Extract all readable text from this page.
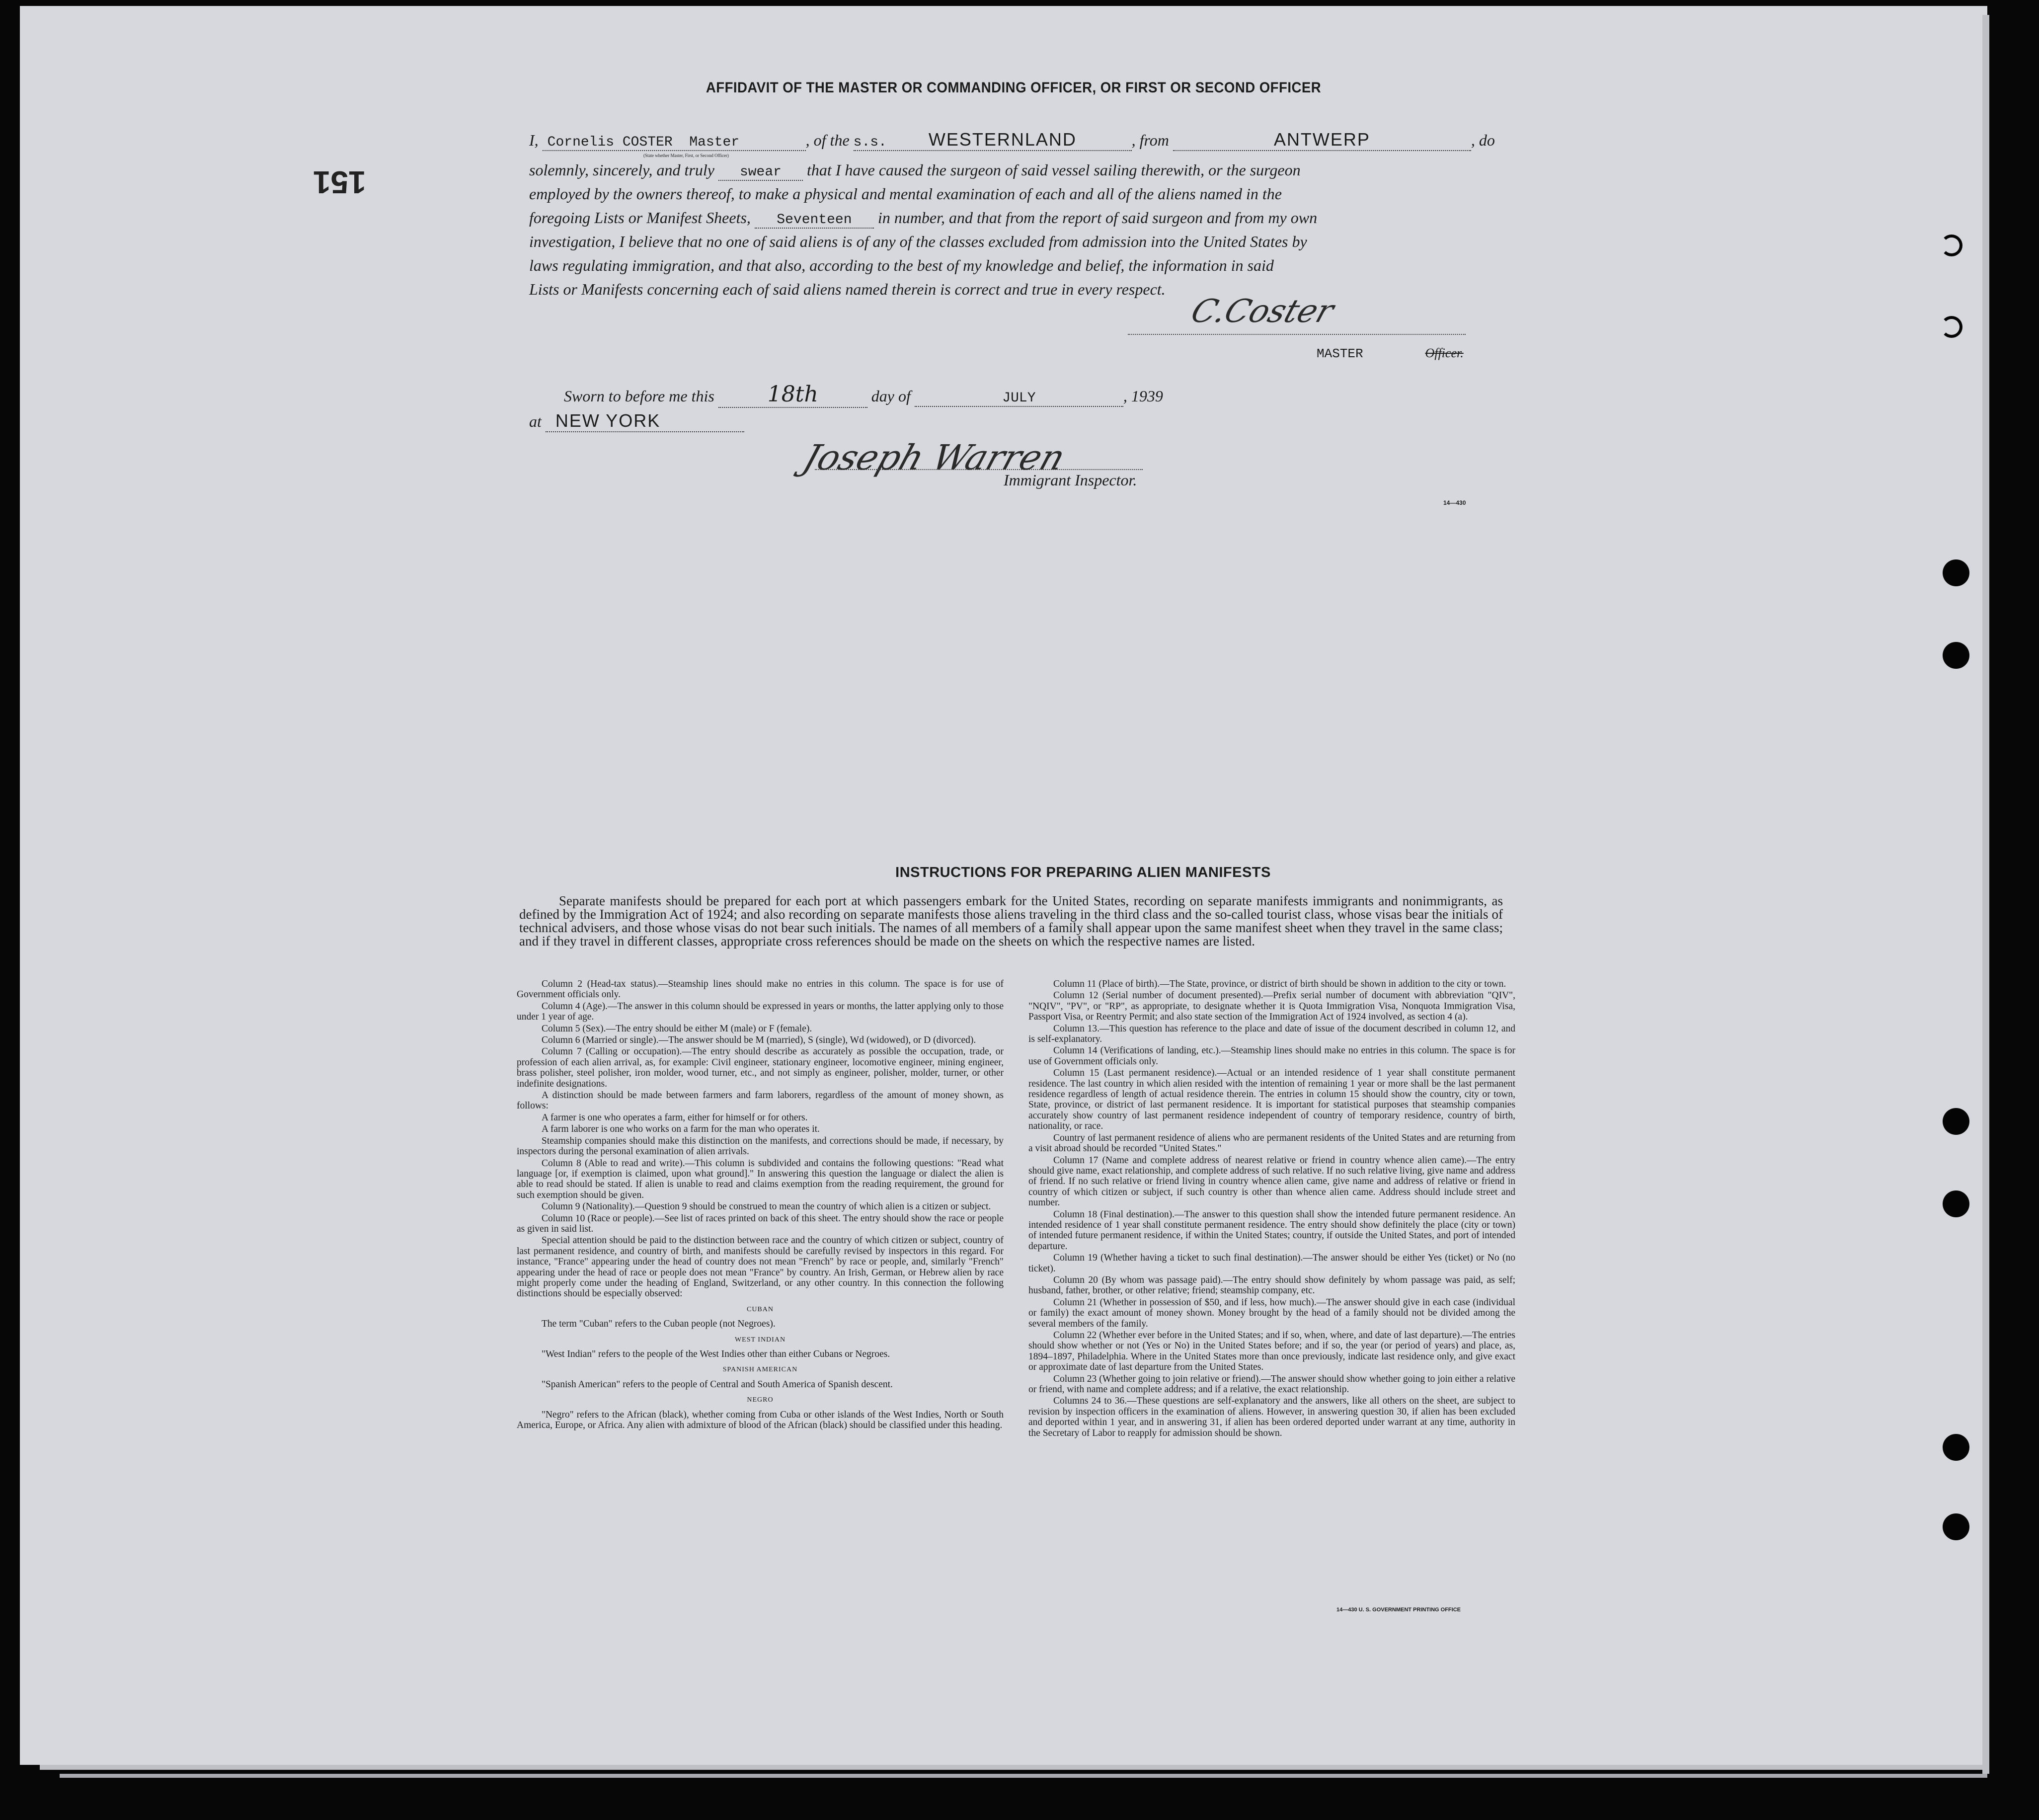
151
AFFIDAVIT OF THE MASTER OR COMMANDING OFFICER, OR FIRST OR SECOND OFFICER
I, Cornelis COSTER Master	, of the s.s. WESTERNLAND	, from	ANTWERP	, do
(State whether Master, First, or Second Officer)
solemnly, sincerely, and truly swear that I have caused the surgeon of said vessel sailing therewith, or the surgeon
employed by the owners thereof, to make a physical and mental examination of each and all of the aliens named in the
foregoing Lists or Manifest Sheets, Seventeen in number, and that from the report of said surgeon and from my own
investigation, I believe that no one of said aliens is of any of the classes excluded from admission into the United States by
laws regulating immigration, and that also, according to the best of my knowledge and belief, the information in said
Lists or Manifests concerning each of said aliens named therein is correct and true in every respect.
C.Coster
MASTER	Officer.
Sworn to before me this 18th	day of	JULY	, 1939
at NEW YORK
Joseph Warren
Immigrant Inspector.
14—430
INSTRUCTIONS FOR PREPARING ALIEN MANIFESTS
Separate manifests should be prepared for each port at which passengers embark for the United States, recording on separate manifests immigrants and nonimmigrants, as defined by the Immigration Act of 1924; and also recording on separate manifests those aliens traveling in the third class and the so-called tourist class, whose visas bear the initials of technical advisers, and those whose visas do not bear such initials. The names of all members of a family shall appear upon the same manifest sheet when they travel in the same class; and if they travel in different classes, appropriate cross references should be made on the sheets on which the respective names are listed.

Column 2 (Head-tax status).—Steamship lines should make no entries in this column. The space is for use of Government officials only.

Column 4 (Age).—The answer in this column should be expressed in years or months, the latter applying only to those under 1 year of age.

Column 5 (Sex).—The entry should be either M (male) or F (female).

Column 6 (Married or single).—The answer should be M (married), S (single), Wd (widowed), or D (divorced).

Column 7 (Calling or occupation).—The entry should describe as accurately as possible the occupation, trade, or profession of each alien arrival, as, for example: Civil engineer, stationary engineer, locomotive engineer, mining engineer, brass polisher, steel polisher, iron molder, wood turner, etc., and not simply as engineer, polisher, molder, turner, or other indefinite designations.

A distinction should be made between farmers and farm laborers, regardless of the amount of money shown, as follows:

A farmer is one who operates a farm, either for himself or for others.

A farm laborer is one who works on a farm for the man who operates it.

Steamship companies should make this distinction on the manifests, and corrections should be made, if necessary, by inspectors during the personal examination of alien arrivals.

Column 8 (Able to read and write).—This column is subdivided and contains the following questions: "Read what language [or, if exemption is claimed, upon what ground]." In answering this question the language or dialect the alien is able to read should be stated. If alien is unable to read and claims exemption from the reading requirement, the ground for such exemption should be given.

Column 9 (Nationality).—Question 9 should be construed to mean the country of which alien is a citizen or subject.

Column 10 (Race or people).—See list of races printed on back of this sheet. The entry should show the race or people as given in said list.

Special attention should be paid to the distinction between race and the country of which citizen or subject, country of last permanent residence, and country of birth, and manifests should be carefully revised by inspectors in this regard. For instance, "France" appearing under the head of country does not mean "French" by race or people, and, similarly "French" appearing under the head of race or people does not mean "France" by country. An Irish, German, or Hebrew alien by race might properly come under the heading of England, Switzerland, or any other country. In this connection the following distinctions should be especially observed:

CUBAN

The term "Cuban" refers to the Cuban people (not Negroes).

WEST INDIAN

"West Indian" refers to the people of the West Indies other than either Cubans or Negroes.

SPANISH AMERICAN

"Spanish American" refers to the people of Central and South America of Spanish descent.

NEGRO

"Negro" refers to the African (black), whether coming from Cuba or other islands of the West Indies, North or South America, Europe, or Africa. Any alien with admixture of blood of the African (black) should be classified under this heading.

Column 11 (Place of birth).—The State, province, or district of birth should be shown in addition to the city or town.

Column 12 (Serial number of document presented).—Prefix serial number of document with abbreviation "QIV", "NQIV", "PV", or "RP", as appropriate, to designate whether it is Quota Immigration Visa, Nonquota Immigration Visa, Passport Visa, or Reentry Permit; and also state section of the Immigration Act of 1924 involved, as section 4 (a).

Column 13.—This question has reference to the place and date of issue of the document described in column 12, and is self-explanatory.

Column 14 (Verifications of landing, etc.).—Steamship lines should make no entries in this column. The space is for use of Government officials only.

Column 15 (Last permanent residence).—Actual or an intended residence of 1 year shall constitute permanent residence. The last country in which alien resided with the intention of remaining 1 year or more shall be the last permanent residence regardless of length of actual residence therein. The entries in column 15 should show the country, city or town, State, province, or district of last permanent residence. It is important for statistical purposes that steamship companies accurately show country of last permanent residence independent of country of temporary residence, country of birth, nationality, or race.

Country of last permanent residence of aliens who are permanent residents of the United States and are returning from a visit abroad should be recorded "United States."

Column 17 (Name and complete address of nearest relative or friend in country whence alien came).—The entry should give name, exact relationship, and complete address of such relative. If no such relative living, give name and address of friend. If no such relative or friend living in country whence alien came, give name and address of relative or friend in country of which citizen or subject, if such country is other than whence alien came. Address should include street and number.

Column 18 (Final destination).—The answer to this question shall show the intended future permanent residence. An intended residence of 1 year shall constitute permanent residence. The entry should show definitely the place (city or town) of intended future permanent residence, if within the United States; country, if outside the United States, and port of intended departure.

Column 19 (Whether having a ticket to such final destination).—The answer should be either Yes (ticket) or No (no ticket).

Column 20 (By whom was passage paid).—The entry should show definitely by whom passage was paid, as self; husband, father, brother, or other relative; friend; steamship company, etc.

Column 21 (Whether in possession of $50, and if less, how much).—The answer should give in each case (individual or family) the exact amount of money shown. Money brought by the head of a family should not be divided among the several members of the family.

Column 22 (Whether ever before in the United States; and if so, when, where, and date of last departure).—The entries should show whether or not (Yes or No) in the United States before; and if so, the year (or period of years) and place, as, 1894–1897, Philadelphia. Where in the United States more than once previously, indicate last residence only, and give exact or approximate date of last departure from the United States.

Column 23 (Whether going to join relative or friend).—The answer should show whether going to join either a relative or friend, with name and complete address; and if a relative, the exact relationship.

Columns 24 to 36.—These questions are self-explanatory and the answers, like all others on the sheet, are subject to revision by inspection officers in the examination of aliens. However, in answering question 30, if alien has been excluded and deported within 1 year, and in answering 31, if alien has been ordered deported under warrant at any time, authority in the Secretary of Labor to reapply for admission should be shown.

14—430 U. S. GOVERNMENT PRINTING OFFICE
